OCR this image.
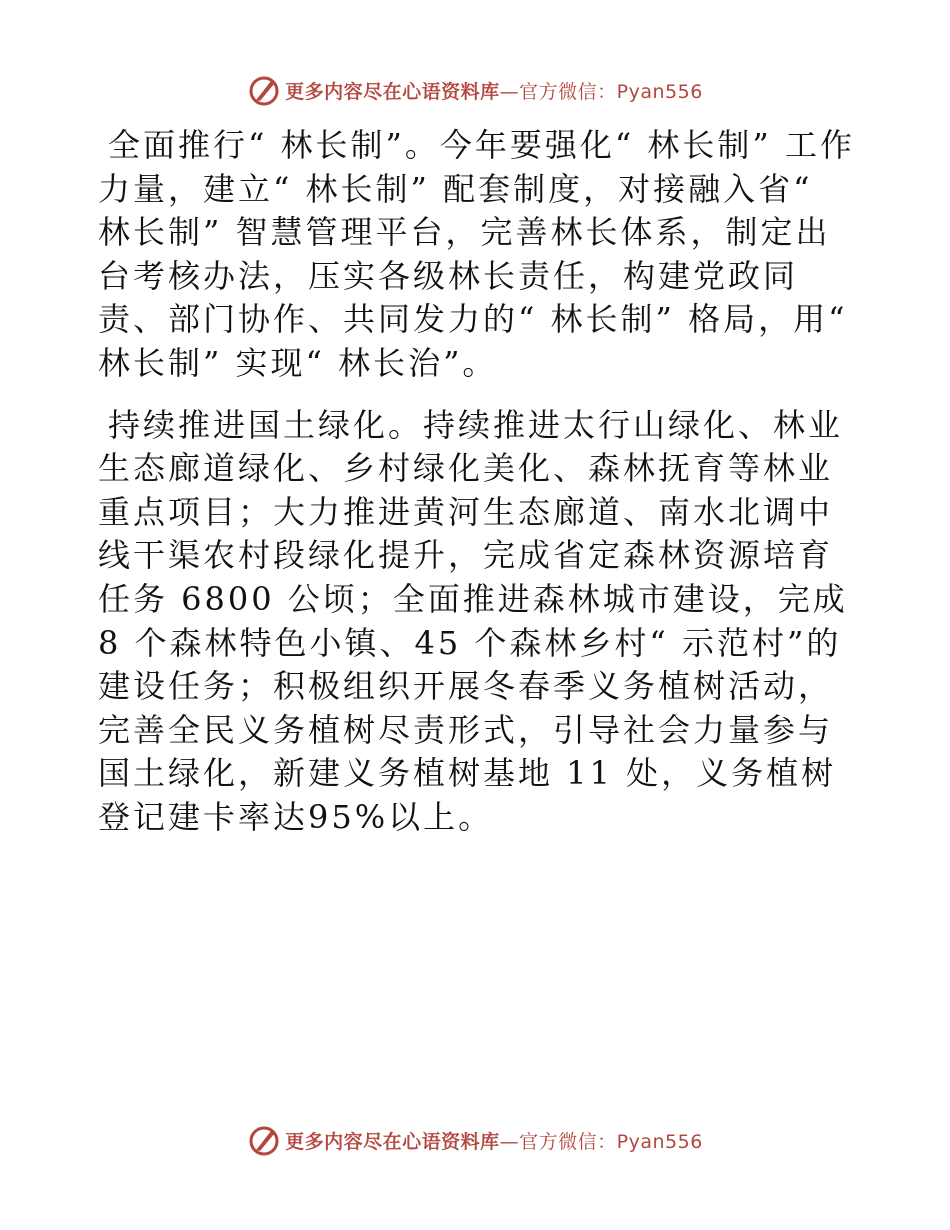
更多内容尽在心语资料库—官方微信：Pyan556

全面推行“ 林长制”。今年要强化“ 林长制” 工作力量，建立“ 林长制” 配套制度，对接融入省“ 林长制” 智慧管理平台，完善林长体系，制定出台考核办法，压实各级林长责任，构建党政同责、部门协作、共同发力的“ 林长制” 格局，用“ 林长制” 实现“ 林长治”。

持续推进国土绿化。持续推进太行山绿化、林业生态廊道绿化、乡村绿化美化、森林抚育等林业重点项目；大力推进黄河生态廊道、南水北调中线干渠农村段绿化提升，完成省定森林资源培育任务 6800 公顷；全面推进森林城市建设，完成 8 个森林特色小镇、45 个森林乡村“ 示范村”的建设任务；积极组织开展冬春季义务植树活动，完善全民义务植树尽责形式，引导社会力量参与国土绿化，新建义务植树基地 11 处，义务植树登记建卡率达95%以上。

更多内容尽在心语资料库—官方微信：Pyan556
